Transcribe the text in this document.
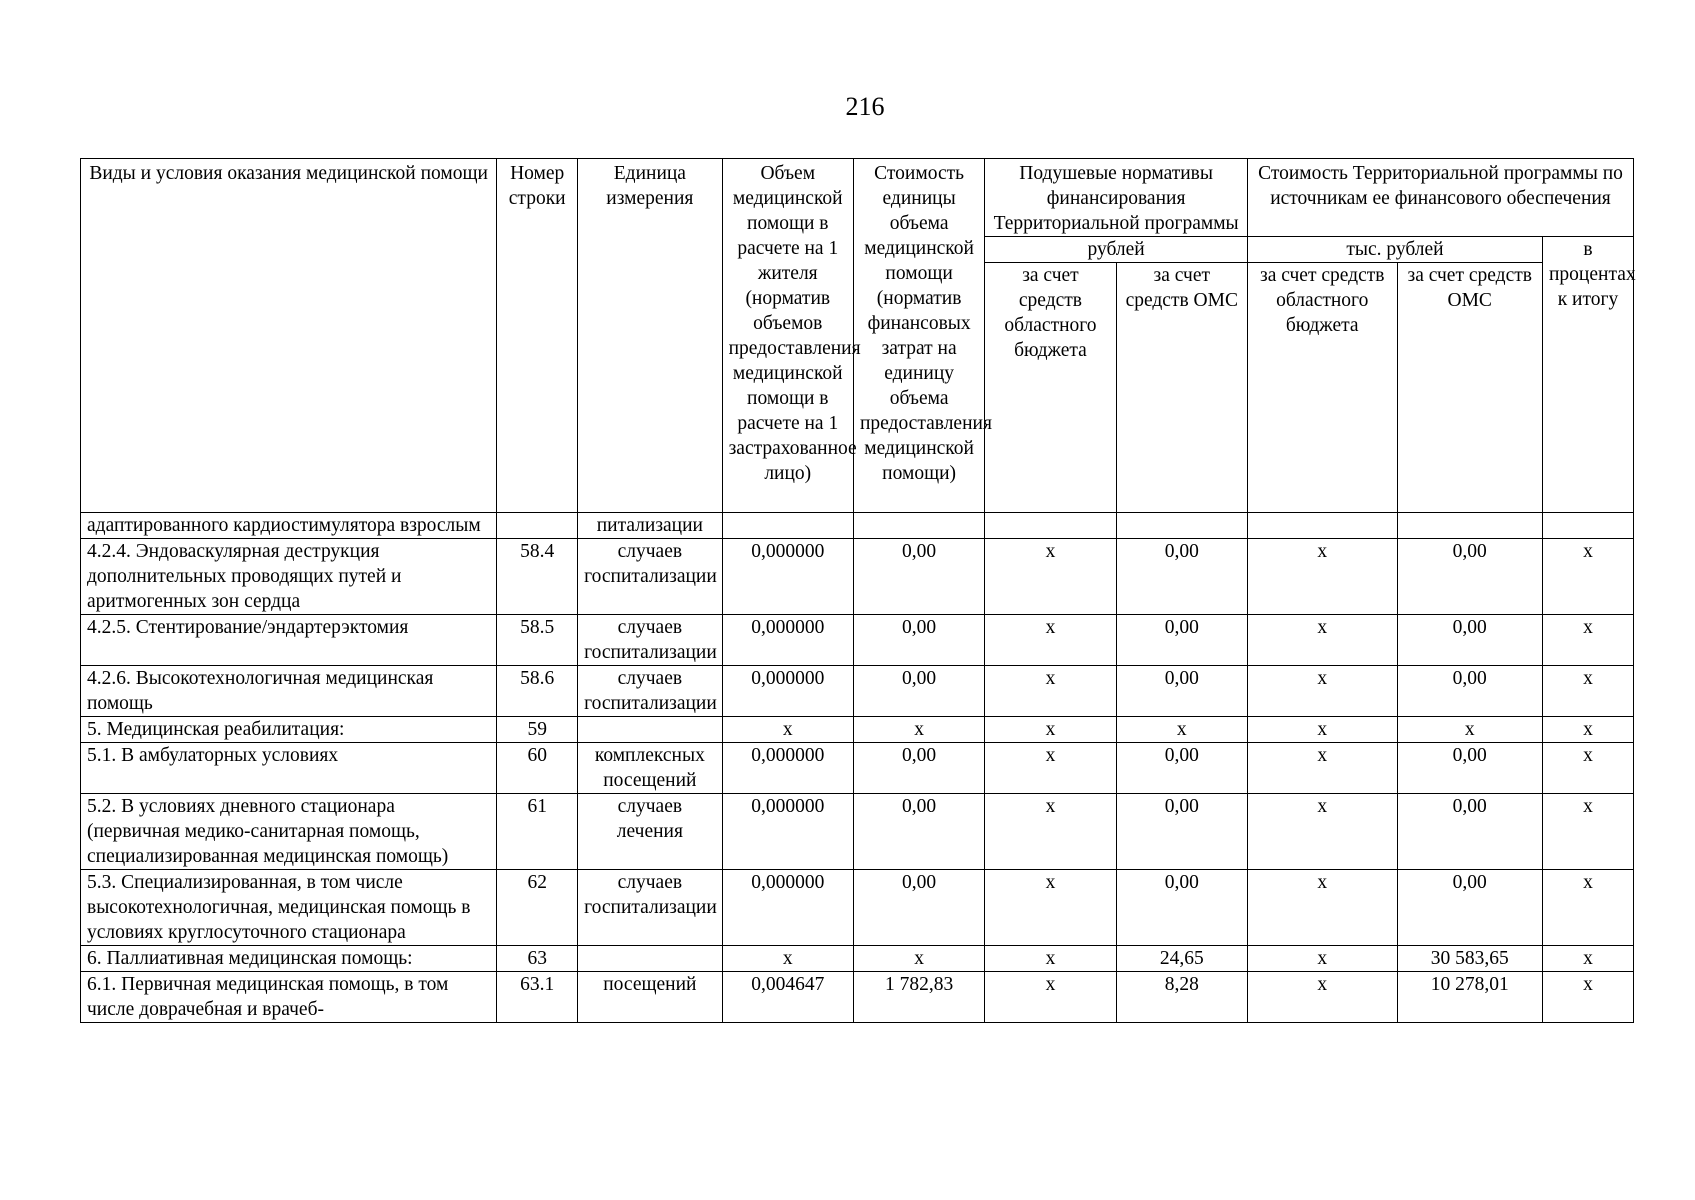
216
Виды и условия оказания медицинской помощи	Номер строки	Единица измерения	Объем медицинской помощи в расчете на 1 жителя (норматив объемов предоставления медицинской помощи в расчете на 1 застрахованное лицо)	Стоимость единицы объема медицинской помощи (норматив финансовых затрат на единицу объема предоставления медицинской помощи)	Подушевые нормативы финансирования Территориальной программы		Стоимость Территориальной программы по источникам ее финансового обеспечения		
					рублей		тыс. рублей		в процентах к итогу
					за счет средств областного бюджета	за счет средств ОМС	за счет средств областного бюджета	за счет средств ОМС	
адаптированного кардиостимулятора взрослым		питализации							
4.2.4. Эндоваскулярная деструкция дополнительных проводящих путей и аритмогенных зон сердца	58.4	случаев госпитализации	0,000000	0,00	х	0,00	х	0,00	х
4.2.5. Стентирование/эндартерэктомия	58.5	случаев госпитализации	0,000000	0,00	х	0,00	х	0,00	х
4.2.6. Высокотехнологичная медицинская помощь	58.6	случаев госпитализации	0,000000	0,00	х	0,00	х	0,00	х
5. Медицинская реабилитация:	59		х	х	х	х	х	х	х
5.1. В амбулаторных условиях	60	комплексных посещений	0,000000	0,00	х	0,00	х	0,00	х
5.2. В условиях дневного стационара (первичная медико-санитарная помощь, специализированная медицинская помощь)	61	случаев лечения	0,000000	0,00	х	0,00	х	0,00	х
5.3. Специализированная, в том числе высокотехнологичная, медицинская помощь в условиях круглосуточного стационара	62	случаев госпитализации	0,000000	0,00	х	0,00	х	0,00	х
6. Паллиативная медицинская помощь:	63		х	х	х	24,65	х	30 583,65	х
6.1. Первичная медицинская помощь, в том числе доврачебная и врачеб-	63.1	посещений	0,004647	1 782,83	х	8,28	х	10 278,01	х
